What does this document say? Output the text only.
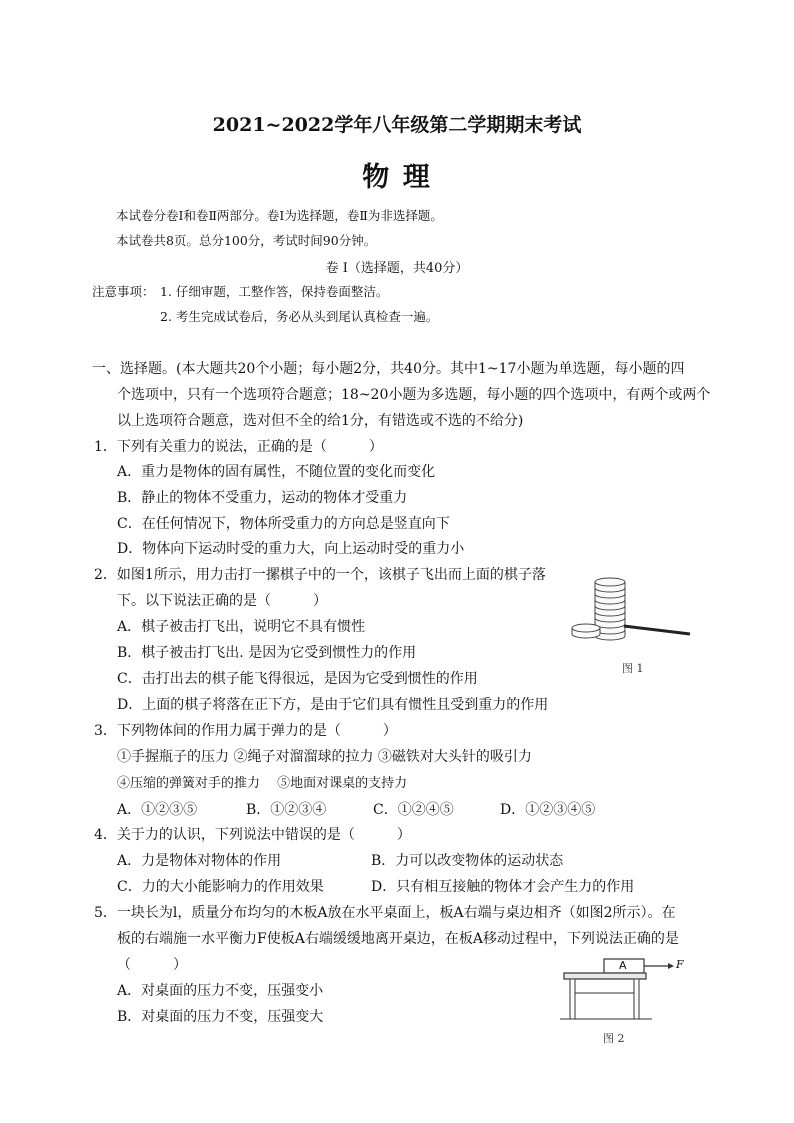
2021~2022学年八年级第二学期期末考试
物 理
本试卷分卷Ⅰ和卷Ⅱ两部分。卷Ⅰ为选择题，卷Ⅱ为非选择题。
本试卷共8页。总分100分，考试时间90分钟。
卷 Ⅰ（选择题，共40分）
注意事项： 1. 仔细审题，工整作答，保持卷面整洁。
2. 考生完成试卷后，务必从头到尾认真检查一遍。
一、选择题。(本大题共20个小题；每小题2分，共40分。其中1~17小题为单选题，每小题的四
个选项中，只有一个选项符合题意；18~20小题为多选题，每小题的四个选项中，有两个或两个
以上选项符合题意，选对但不全的给1分，有错选或不选的不给分)
1．下列有关重力的说法，正确的是（　　　）
A．重力是物体的固有属性，不随位置的变化而变化
B．静止的物体不受重力，运动的物体才受重力
C．在任何情况下，物体所受重力的方向总是竖直向下
D．物体向下运动时受的重力大，向上运动时受的重力小
2．如图1所示，用力击打一摞棋子中的一个，该棋子飞出而上面的棋子落
下。以下说法正确的是（　　　）
A．棋子被击打飞出，说明它不具有惯性
B．棋子被击打飞出. 是因为它受到惯性力的作用
C．击打出去的棋子能飞得很远，是因为它受到惯性的作用
D．上面的棋子将落在正下方，是由于它们具有惯性且受到重力的作用
图 1
3．下列物体间的作用力属于弹力的是（　　　）
①手握瓶子的压力 ②绳子对溜溜球的拉力 ③磁铁对大头针的吸引力
④压缩的弹簧对手的推力　 ⑤地面对课桌的支持力
A．①②③⑤	B．①②③④	C．①②④⑤	D．①②③④⑤
4．关于力的认识，下列说法中错误的是（　　　）
A．力是物体对物体的作用	B．力可以改变物体的运动状态
C．力的大小能影响力的作用效果	D．只有相互接触的物体才会产生力的作用
5．一块长为l，质量分布均匀的木板A放在水平桌面上，板A右端与桌边相齐（如图2所示）。在
板的右端施一水平衡力F使板A右端缓缓地离开桌边，在板A移动过程中，下列说法正确的是
（　　　）
A．对桌面的压力不变，压强变小
B．对桌面的压力不变，压强变大
A	F
图 2
